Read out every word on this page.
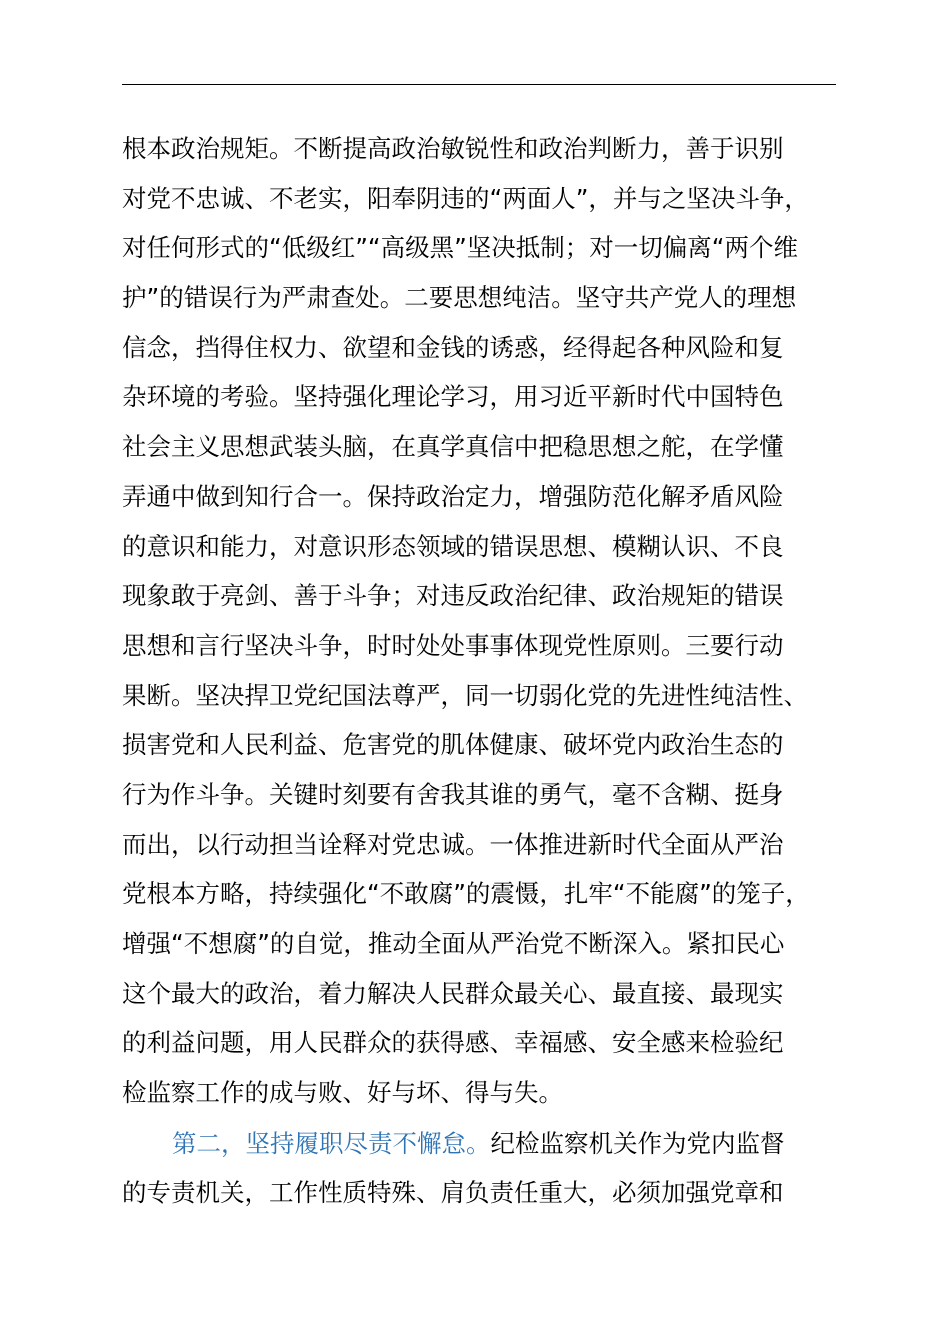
根本政治规矩。不断提高政治敏锐性和政治判断力，善于识别
对党不忠诚、不老实，阳奉阴违的“两面人”，并与之坚决斗争，
对任何形式的“低级红”“高级黑”坚决抵制；对一切偏离“两个维
护”的错误行为严肃查处。二要思想纯洁。坚守共产党人的理想
信念，挡得住权力、欲望和金钱的诱惑，经得起各种风险和复
杂环境的考验。坚持强化理论学习，用习近平新时代中国特色
社会主义思想武装头脑，在真学真信中把稳思想之舵，在学懂
弄通中做到知行合一。保持政治定力，增强防范化解矛盾风险
的意识和能力，对意识形态领域的错误思想、模糊认识、不良
现象敢于亮剑、善于斗争；对违反政治纪律、政治规矩的错误
思想和言行坚决斗争，时时处处事事体现党性原则。三要行动
果断。坚决捍卫党纪国法尊严，同一切弱化党的先进性纯洁性、
损害党和人民利益、危害党的肌体健康、破坏党内政治生态的
行为作斗争。关键时刻要有舍我其谁的勇气，毫不含糊、挺身
而出，以行动担当诠释对党忠诚。一体推进新时代全面从严治
党根本方略，持续强化“不敢腐”的震慑，扎牢“不能腐”的笼子，
增强“不想腐”的自觉，推动全面从严治党不断深入。紧扣民心
这个最大的政治，着力解决人民群众最关心、最直接、最现实
的利益问题，用人民群众的获得感、幸福感、安全感来检验纪
检监察工作的成与败、好与坏、得与失。
第二，坚持履职尽责不懈怠。纪检监察机关作为党内监督
的专责机关，工作性质特殊、肩负责任重大，必须加强党章和
